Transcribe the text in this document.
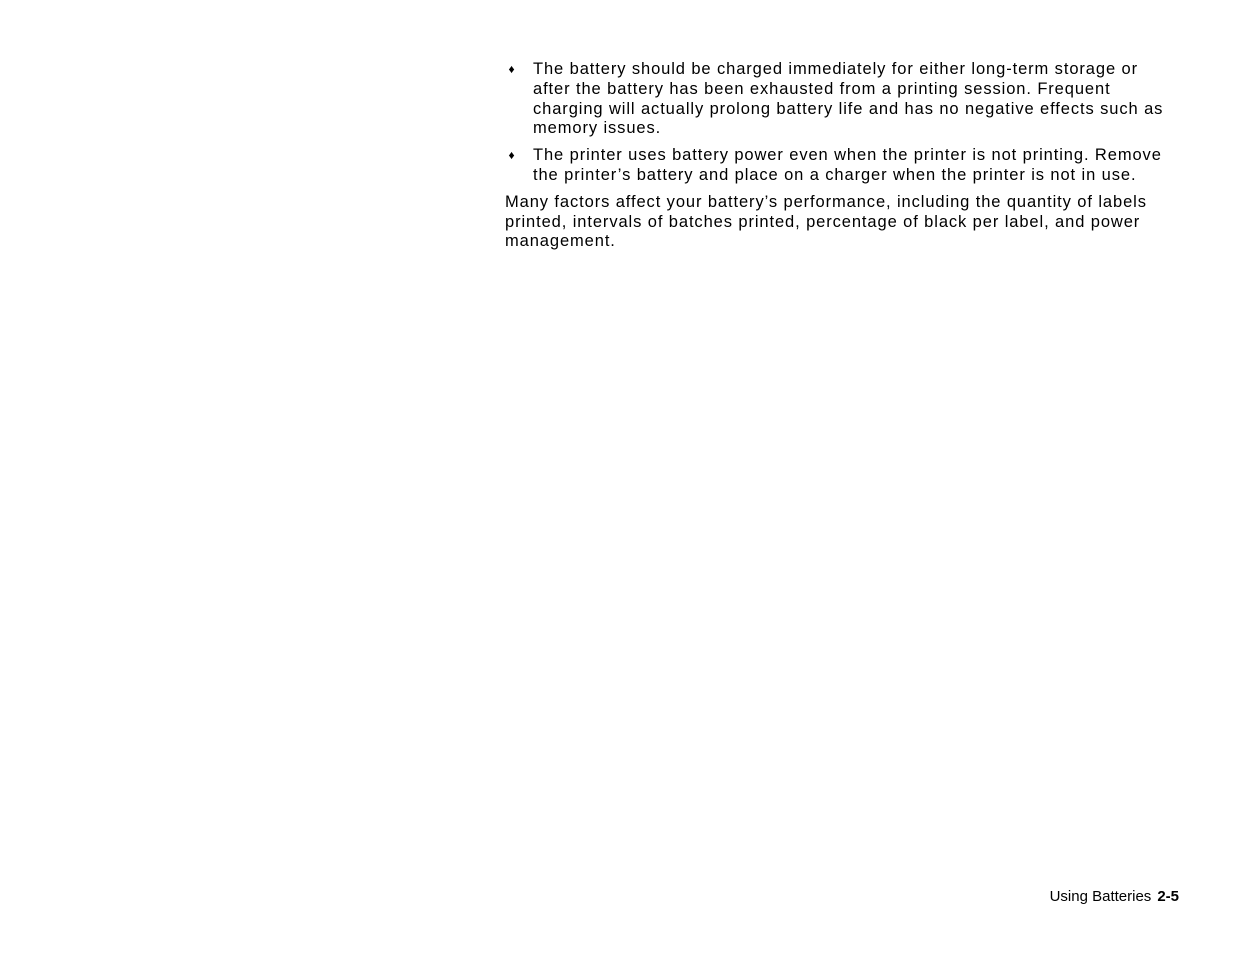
♦ The battery should be charged immediately for either long-term storage or after the battery has been exhausted from a printing session. Frequent charging will actually prolong battery life and has no negative effects such as memory issues.
♦ The printer uses battery power even when the printer is not printing. Remove the printer’s battery and place on a charger when the printer is not in use.

Many factors affect your battery’s performance, including the quantity of labels printed, intervals of batches printed, percentage of black per label, and power management.

Using Batteries 2-5
